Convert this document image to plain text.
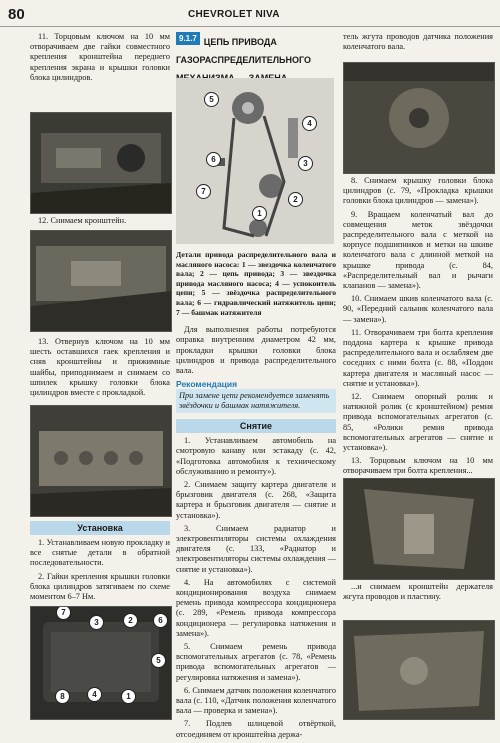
80	CHEVROLET NIVA

11. Торцовым ключом на 10 мм отворачиваем две гайки совместного крепления кронштейна переднего крепления экрана и крышки головки блока цилиндров.

12. Снимаем кронштейн.

13. Отвернув ключом на 10 мм шесть оставшихся гаек крепления и сняв кронштейны и прижимные шайбы, приподнимаем и снимаем со шпилек крышку головки блока цилиндров вместе с прокладкой.

Установка

1. Устанавливаем новую прокладку и все снятые детали в обратной последовательности.

2. Гайки крепления крышки головки блока цилиндров затягиваем по схеме моментом 6–7 Нм.

7
3	2	6
5
8	4	1
9.1.7 ЦЕПЬ ПРИВОДА ГАЗОРАСПРЕДЕЛИТЕЛЬНОГО
5
4
6	3
7
2
1

Детали привода распределительного вала и масляного насоса: 1 — звездочка коленчатого вала; 2 — цепь привода; 3 — звездочка привода масляного насоса; 4 — успокоитель цепи; 5 — звёздочка распределительного вала; 6 — гидравлический натяжитель цепи; 7 — башмак натяжителя

Для выполнения работы потребуются оправка внутренним диаметром 42 мм, прокладки крышки головки блока цилиндров и привода распределительного вала.

Рекомендация
При замене цепи рекомендуется заменять звёздочки и башмак натяжителя.
Снятие

1. Устанавливаем автомобиль на смотровую канаву или эстакаду (с. 42, «Подготовка автомобиля к техническому обслуживанию и ремонту»).

2. Снимаем защиту картера двигателя и брызговик двигателя (с. 268, «Защита картера и брызговик двигателя — снятие и установка»).

3. Снимаем радиатор и электровентиляторы системы охлаждения двигателя (с. 133, «Радиатор и электровентиляторы системы охлаждения — снятие и установка»).

4. На автомобилях с системой кондиционирования воздуха снимаем ремень привода компрессора кондиционера (с. 289, «Ремень привода компрессора кондиционера — регулировка натяжения и замена»).

5. Снимаем ремень привода вспомогательных агрегатов (с. 78, «Ремень привода вспомогательных агрегатов — регулировка натяжения и замена»).

6. Снимаем датчик положения коленчатого вала (с. 110, «Датчик положения коленчатого вала — проверка и замена»).

7. Подлев шлицевой отвёрткой, отсоединяем от кронштейна держа-

тель жгута проводов датчика положения коленчатого вала.

8. Снимаем крышку головки блока цилиндров (с. 79, «Прокладка крышки головки блока цилиндров — замена»).

9. Вращаем коленчатый вал до совмещения меток звёздочки распределительного вала с меткой на корпусе подшипников и метки на шкиве коленчатого вала с длинной меткой на крышке привода (с. 84, «Распределительный вал и рычаги клапанов — замена»).

10. Снимаем шкив коленчатого вала (с. 90, «Передний сальник коленчатого вала — замена»).

11. Отворачиваем три болта крепления поддона картера к крышке привода распределительного вала и ослабляем две соседних с ними болта (с. 88, «Поддон картера двигателя и масляный насос — снятие и установка»).

12. Снимаем опорный ролик и натяжной ролик (с кронштейном) ремня привода вспомогательных агрегатов (с. 85, «Ролики ремня привода вспомогательных агрегатов — снятие и установка»).

13. Торцовым ключом на 10 мм отворачиваем три болта крепления...

...и снимаем кронштейн держателя жгута проводов и пластину.
